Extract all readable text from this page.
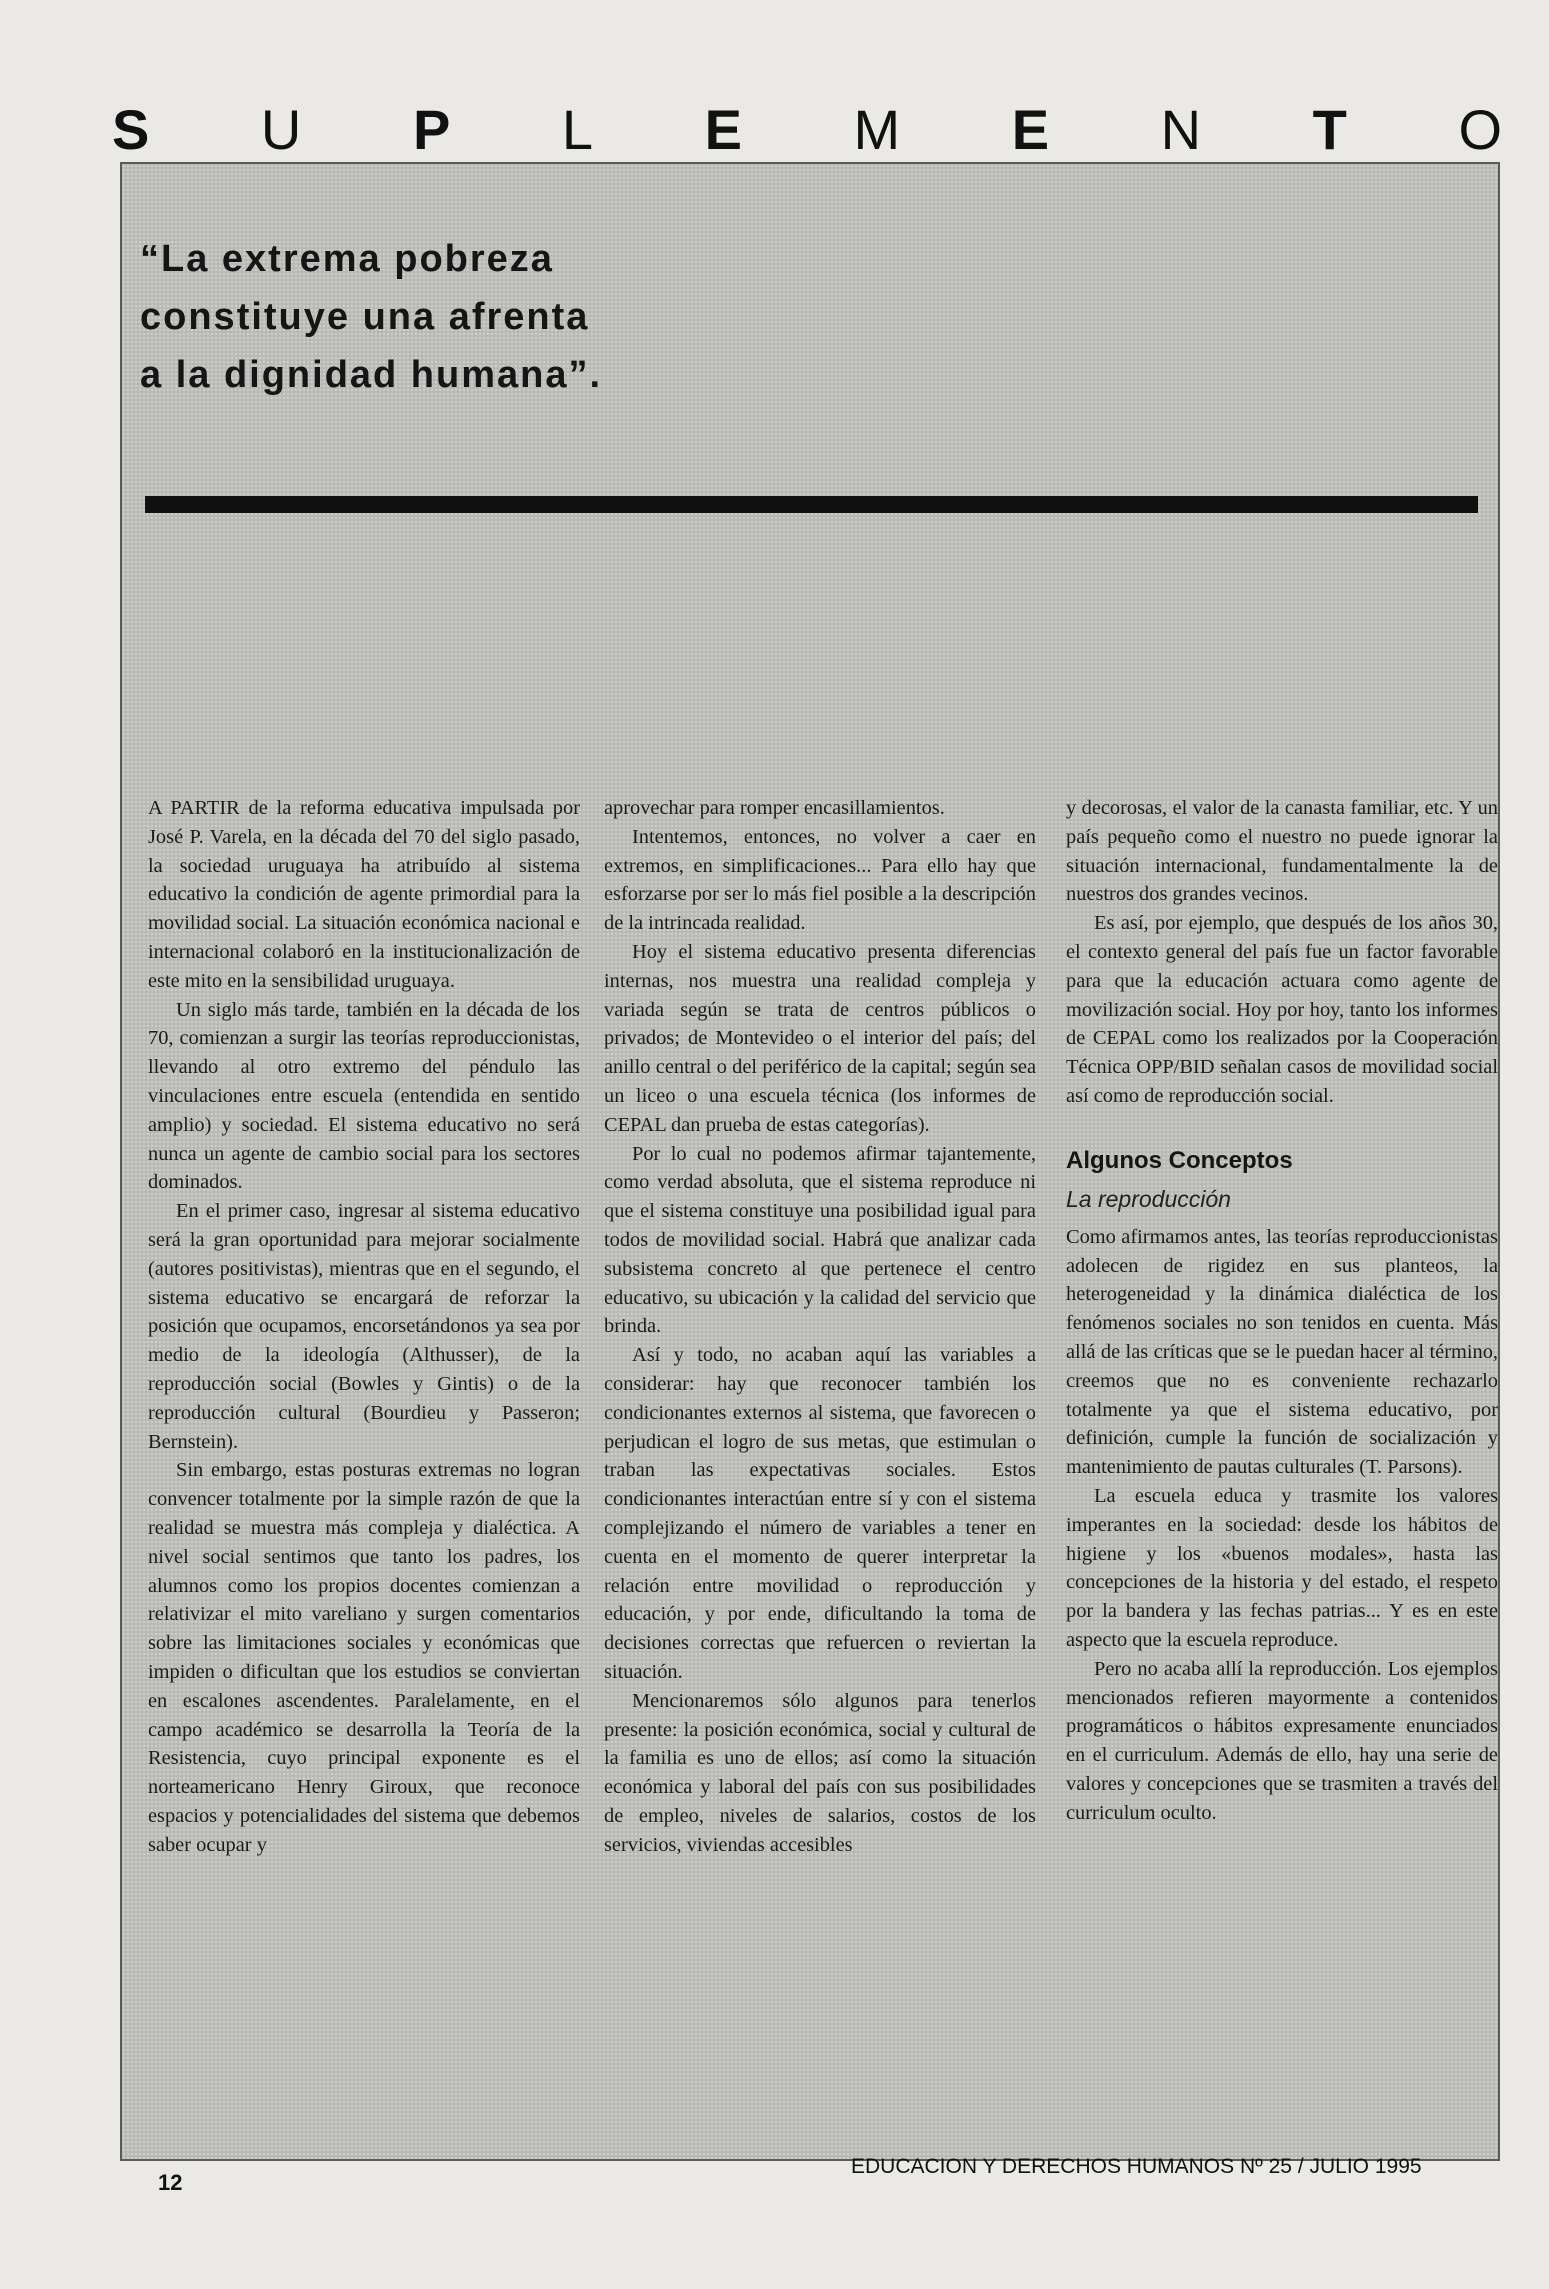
S U P L E M E N T O
“La extrema pobreza
constituye una afrenta
a la dignidad humana”.

A PARTIR de la reforma educativa impulsada por José P. Varela, en la década del 70 del siglo pasado, la sociedad uruguaya ha atribuído al sistema educativo la condición de agente primordial para la movilidad social. La situación económica nacional e internacional colaboró en la institucionalización de este mito en la sensibilidad uruguaya.

Un siglo más tarde, también en la década de los 70, comienzan a surgir las teorías reproduccionistas, llevando al otro extremo del péndulo las vinculaciones entre escuela (entendida en sentido amplio) y sociedad. El sistema educativo no será nunca un agente de cambio social para los sectores dominados.

En el primer caso, ingresar al sistema educativo será la gran oportunidad para mejorar socialmente (autores positivistas), mientras que en el segundo, el sistema educativo se encargará de reforzar la posición que ocupamos, encorsetándonos ya sea por medio de la ideología (Althusser), de la reproducción social (Bowles y Gintis) o de la reproducción cultural (Bourdieu y Passeron; Bernstein).

Sin embargo, estas posturas extremas no logran convencer totalmente por la simple razón de que la realidad se muestra más compleja y dialéctica. A nivel social sentimos que tanto los padres, los alumnos como los propios docentes comienzan a relativizar el mito vareliano y surgen comentarios sobre las limitaciones sociales y económicas que impiden o dificultan que los estudios se conviertan en escalones ascendentes. Paralelamente, en el campo académico se desarrolla la Teoría de la Resistencia, cuyo principal exponente es el norteamericano Henry Giroux, que reconoce espacios y potencialidades del sistema que debemos saber ocupar y

aprovechar para romper encasillamientos.

Intentemos, entonces, no volver a caer en extremos, en simplificaciones... Para ello hay que esforzarse por ser lo más fiel posible a la descripción de la intrincada realidad.

Hoy el sistema educativo presenta diferencias internas, nos muestra una realidad compleja y variada según se trata de centros públicos o privados; de Montevideo o el interior del país; del anillo central o del periférico de la capital; según sea un liceo o una escuela técnica (los informes de CEPAL dan prueba de estas categorías).

Por lo cual no podemos afirmar tajantemente, como verdad absoluta, que el sistema reproduce ni que el sistema constituye una posibilidad igual para todos de movilidad social. Habrá que analizar cada subsistema concreto al que pertenece el centro educativo, su ubicación y la calidad del servicio que brinda.

Así y todo, no acaban aquí las variables a considerar: hay que reconocer también los condicionantes externos al sistema, que favorecen o perjudican el logro de sus metas, que estimulan o traban las expectativas sociales. Estos condicionantes interactúan entre sí y con el sistema complejizando el número de variables a tener en cuenta en el momento de querer interpretar la relación entre movilidad o reproducción y educación, y por ende, dificultando la toma de decisiones correctas que refuercen o reviertan la situación.

Mencionaremos sólo algunos para tenerlos presente: la posición económica, social y cultural de la familia es uno de ellos; así como la situación económica y laboral del país con sus posibilidades de empleo, niveles de salarios, costos de los servicios, viviendas accesibles

y decorosas, el valor de la canasta familiar, etc. Y un país pequeño como el nuestro no puede ignorar la situación internacional, fundamentalmente la de nuestros dos grandes vecinos.

Es así, por ejemplo, que después de los años 30, el contexto general del país fue un factor favorable para que la educación actuara como agente de movilización social. Hoy por hoy, tanto los informes de CEPAL como los realizados por la Cooperación Técnica OPP/BID señalan casos de movilidad social así como de reproducción social.

Algunos Conceptos
La reproducción

Como afirmamos antes, las teorías reproduccionistas adolecen de rigidez en sus planteos, la heterogeneidad y la dinámica dialéctica de los fenómenos sociales no son tenidos en cuenta. Más allá de las críticas que se le puedan hacer al término, creemos que no es conveniente rechazarlo totalmente ya que el sistema educativo, por definición, cumple la función de socialización y mantenimiento de pautas culturales (T. Parsons).

La escuela educa y trasmite los valores imperantes en la sociedad: desde los hábitos de higiene y los «buenos modales», hasta las concepciones de la historia y del estado, el respeto por la bandera y las fechas patrias... Y es en este aspecto que la escuela reproduce.

Pero no acaba allí la reproducción. Los ejemplos mencionados refieren mayormente a contenidos programáticos o hábitos expresamente enunciados en el curriculum. Además de ello, hay una serie de valores y concepciones que se trasmiten a través del curriculum oculto.

12
EDUCACION Y DERECHOS HUMANOS Nº 25 / JULIO 1995
